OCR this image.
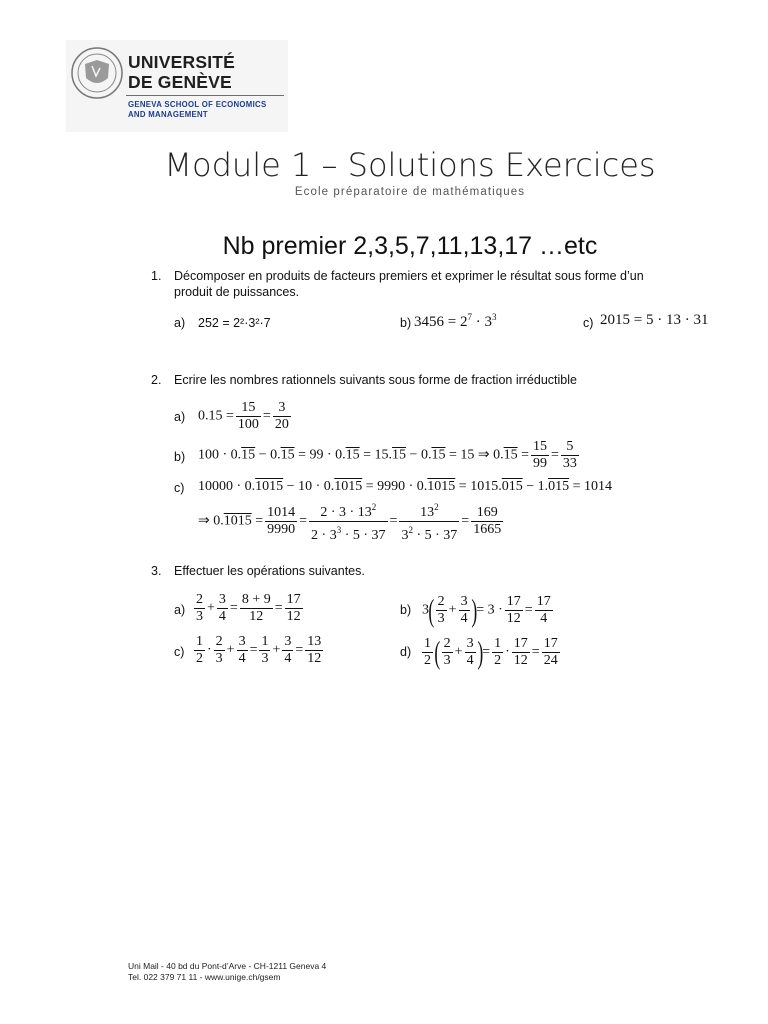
UNIVERSITÉ
DE GENÈVE
GENEVA SCHOOL OF ECONOMICS
AND MANAGEMENT
Module 1 – Solutions Exercices
Ecole préparatoire de mathématiques
Nb premier 2,3,5,7,11,13,17 …etc
1. Décomposer en produits de facteurs premiers et exprimer le résultat sous forme d’un
produit de puissances.
a) 252 = 2²·3²·7	b) $3456 = 2^7 \cdot 3^3$	c) 2015 = 5 · 13 · 31
2. Ecrire les nombres rationnels suivants sous forme de fraction irréductible
a) $0.15 = \frac{15}{100} = \frac{3}{20}$
b) 100 · 0.15 − 0.15 = 99 · 0.15 = 15.15 − 0.15 = 15 ⇒ $0.15 = \frac{15}{99} = \frac{5}{33}$
c) 10000 · 0.1015 − 10 · 0.1015 = 9990 · 0.1015 = 1015.015 − 1.015 = 1014
⇒ $0.1015 = \frac{1014}{9990} = \frac{2 \cdot 3 \cdot 13^2}{2 \cdot 3^3 \cdot 5 \cdot 37} = \frac{13^2}{3^2 \cdot 5 \cdot 37} = \frac{169}{1665}$
3. Effectuer les opérations suivantes.
$a) \frac{2}{3} + \frac{3}{4} = \frac{8 + 9}{12} = \frac{17}{12}$	b) $3( \frac{2}{3} + \frac{3}{4}$ )= $3 \cdot \frac{17}{12} = \frac{17}{4}$
$c) \frac{1}{2} \cdot \frac{2}{3} + \frac{3}{4} = \frac{1}{3} + \frac{3}{4} = \frac{13}{12}$	$d) \frac{1}{2}$ ( $\frac{2}{3} + \frac{3}{4}$ )= $\frac{1}{2} \cdot \frac{17}{12} = \frac{17}{24}$
Uni Mail - 40 bd du Pont-d’Arve - CH-1211 Geneva 4
Tel. 022 379 71 11 - www.unige.ch/gsem
